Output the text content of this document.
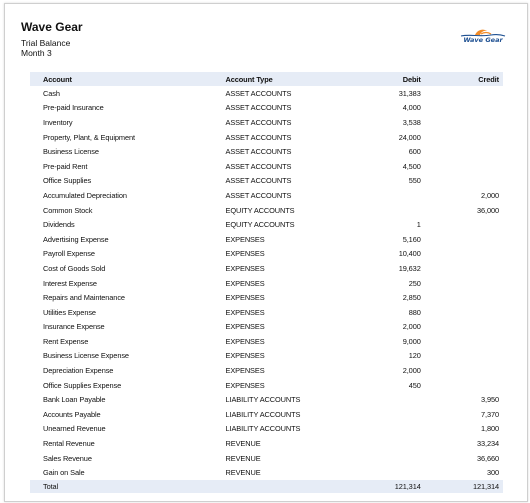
Wave Gear
Trial Balance
Month 3
Wave Gear
Account	Account Type	Debit	Credit
Cash	ASSET ACCOUNTS	31,383	
Pre-paid Insurance	ASSET ACCOUNTS	4,000	
Inventory	ASSET ACCOUNTS	3,538	
Property, Plant, & Equipment	ASSET ACCOUNTS	24,000	
Business License	ASSET ACCOUNTS	600	
Pre-paid Rent	ASSET ACCOUNTS	4,500	
Office Supplies	ASSET ACCOUNTS	550	
Accumulated Depreciation	ASSET ACCOUNTS		2,000
Common Stock	EQUITY ACCOUNTS		36,000
Dividends	EQUITY ACCOUNTS	1	
Advertising Expense	EXPENSES	5,160	
Payroll Expense	EXPENSES	10,400	
Cost of Goods Sold	EXPENSES	19,632	
Interest Expense	EXPENSES	250	
Repairs and Maintenance	EXPENSES	2,850	
Utilities Expense	EXPENSES	880	
Insurance Expense	EXPENSES	2,000	
Rent Expense	EXPENSES	9,000	
Business License Expense	EXPENSES	120	
Depreciation Expense	EXPENSES	2,000	
Office Supplies Expense	EXPENSES	450	
Bank Loan Payable	LIABILITY ACCOUNTS		3,950
Accounts Payable	LIABILITY ACCOUNTS		7,370
Unearned Revenue	LIABILITY ACCOUNTS		1,800
Rental Revenue	REVENUE		33,234
Sales Revenue	REVENUE		36,660
Gain on Sale	REVENUE		300
Total		121,314	121,314
